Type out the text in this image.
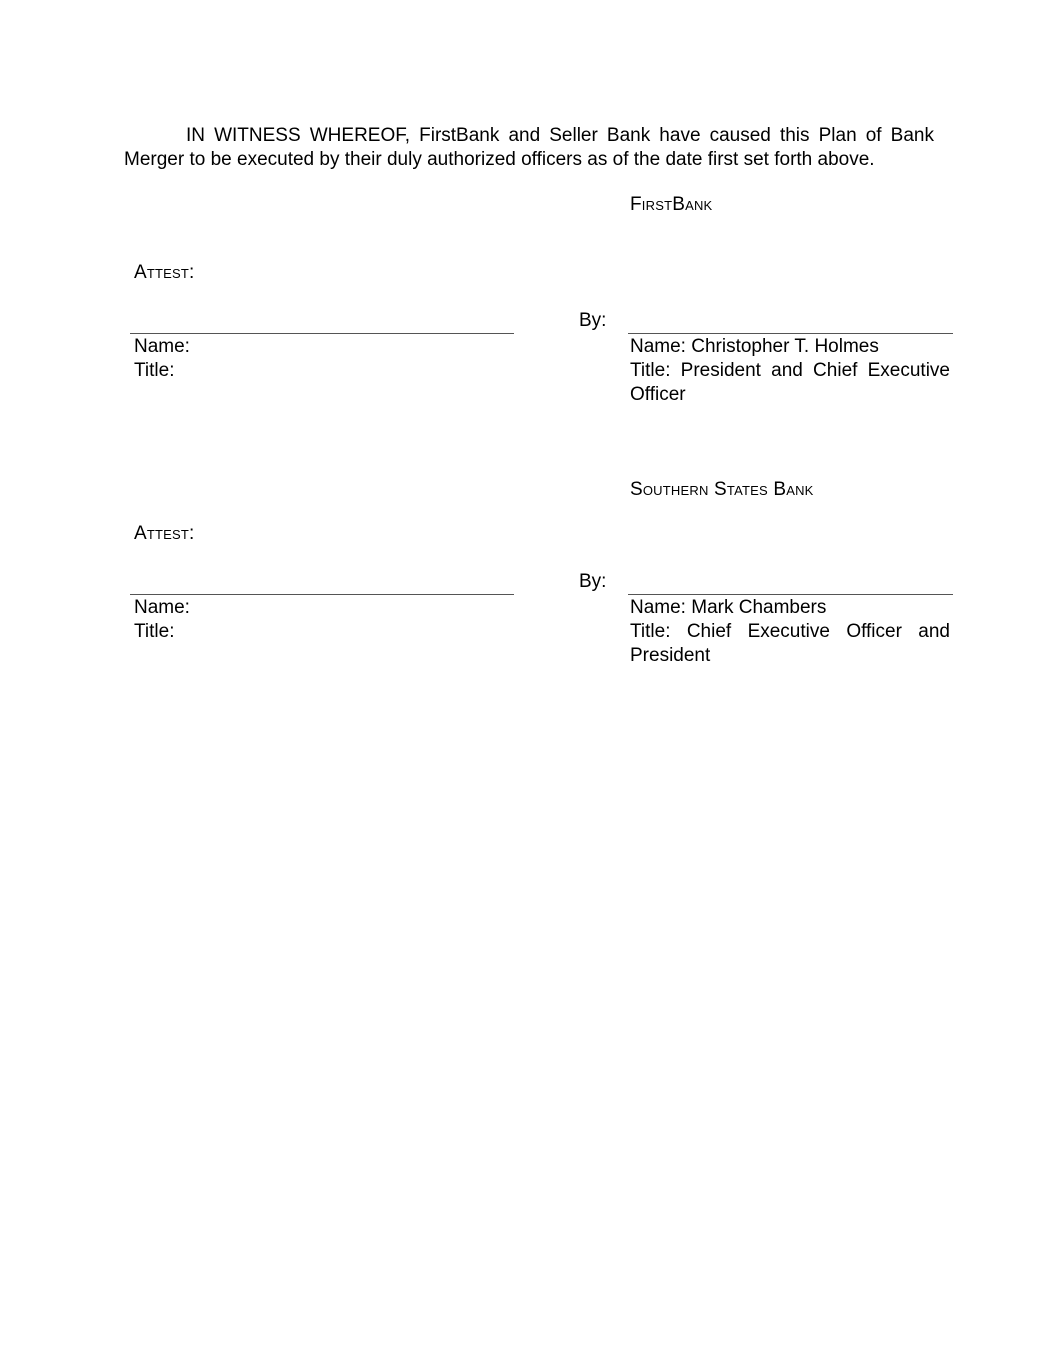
IN WITNESS WHEREOF, FirstBank and Seller Bank have caused this Plan of Bank Merger to be executed by their duly authorized officers as of the date first set forth above.

FirstBank
Attest:
By:
Name:
Title:
Name: Christopher T. Holmes
Title: President and Chief Executive Officer
Southern States Bank
Attest:
By:
Name:
Title:
Name: Mark Chambers
Title: Chief Executive Officer and President
